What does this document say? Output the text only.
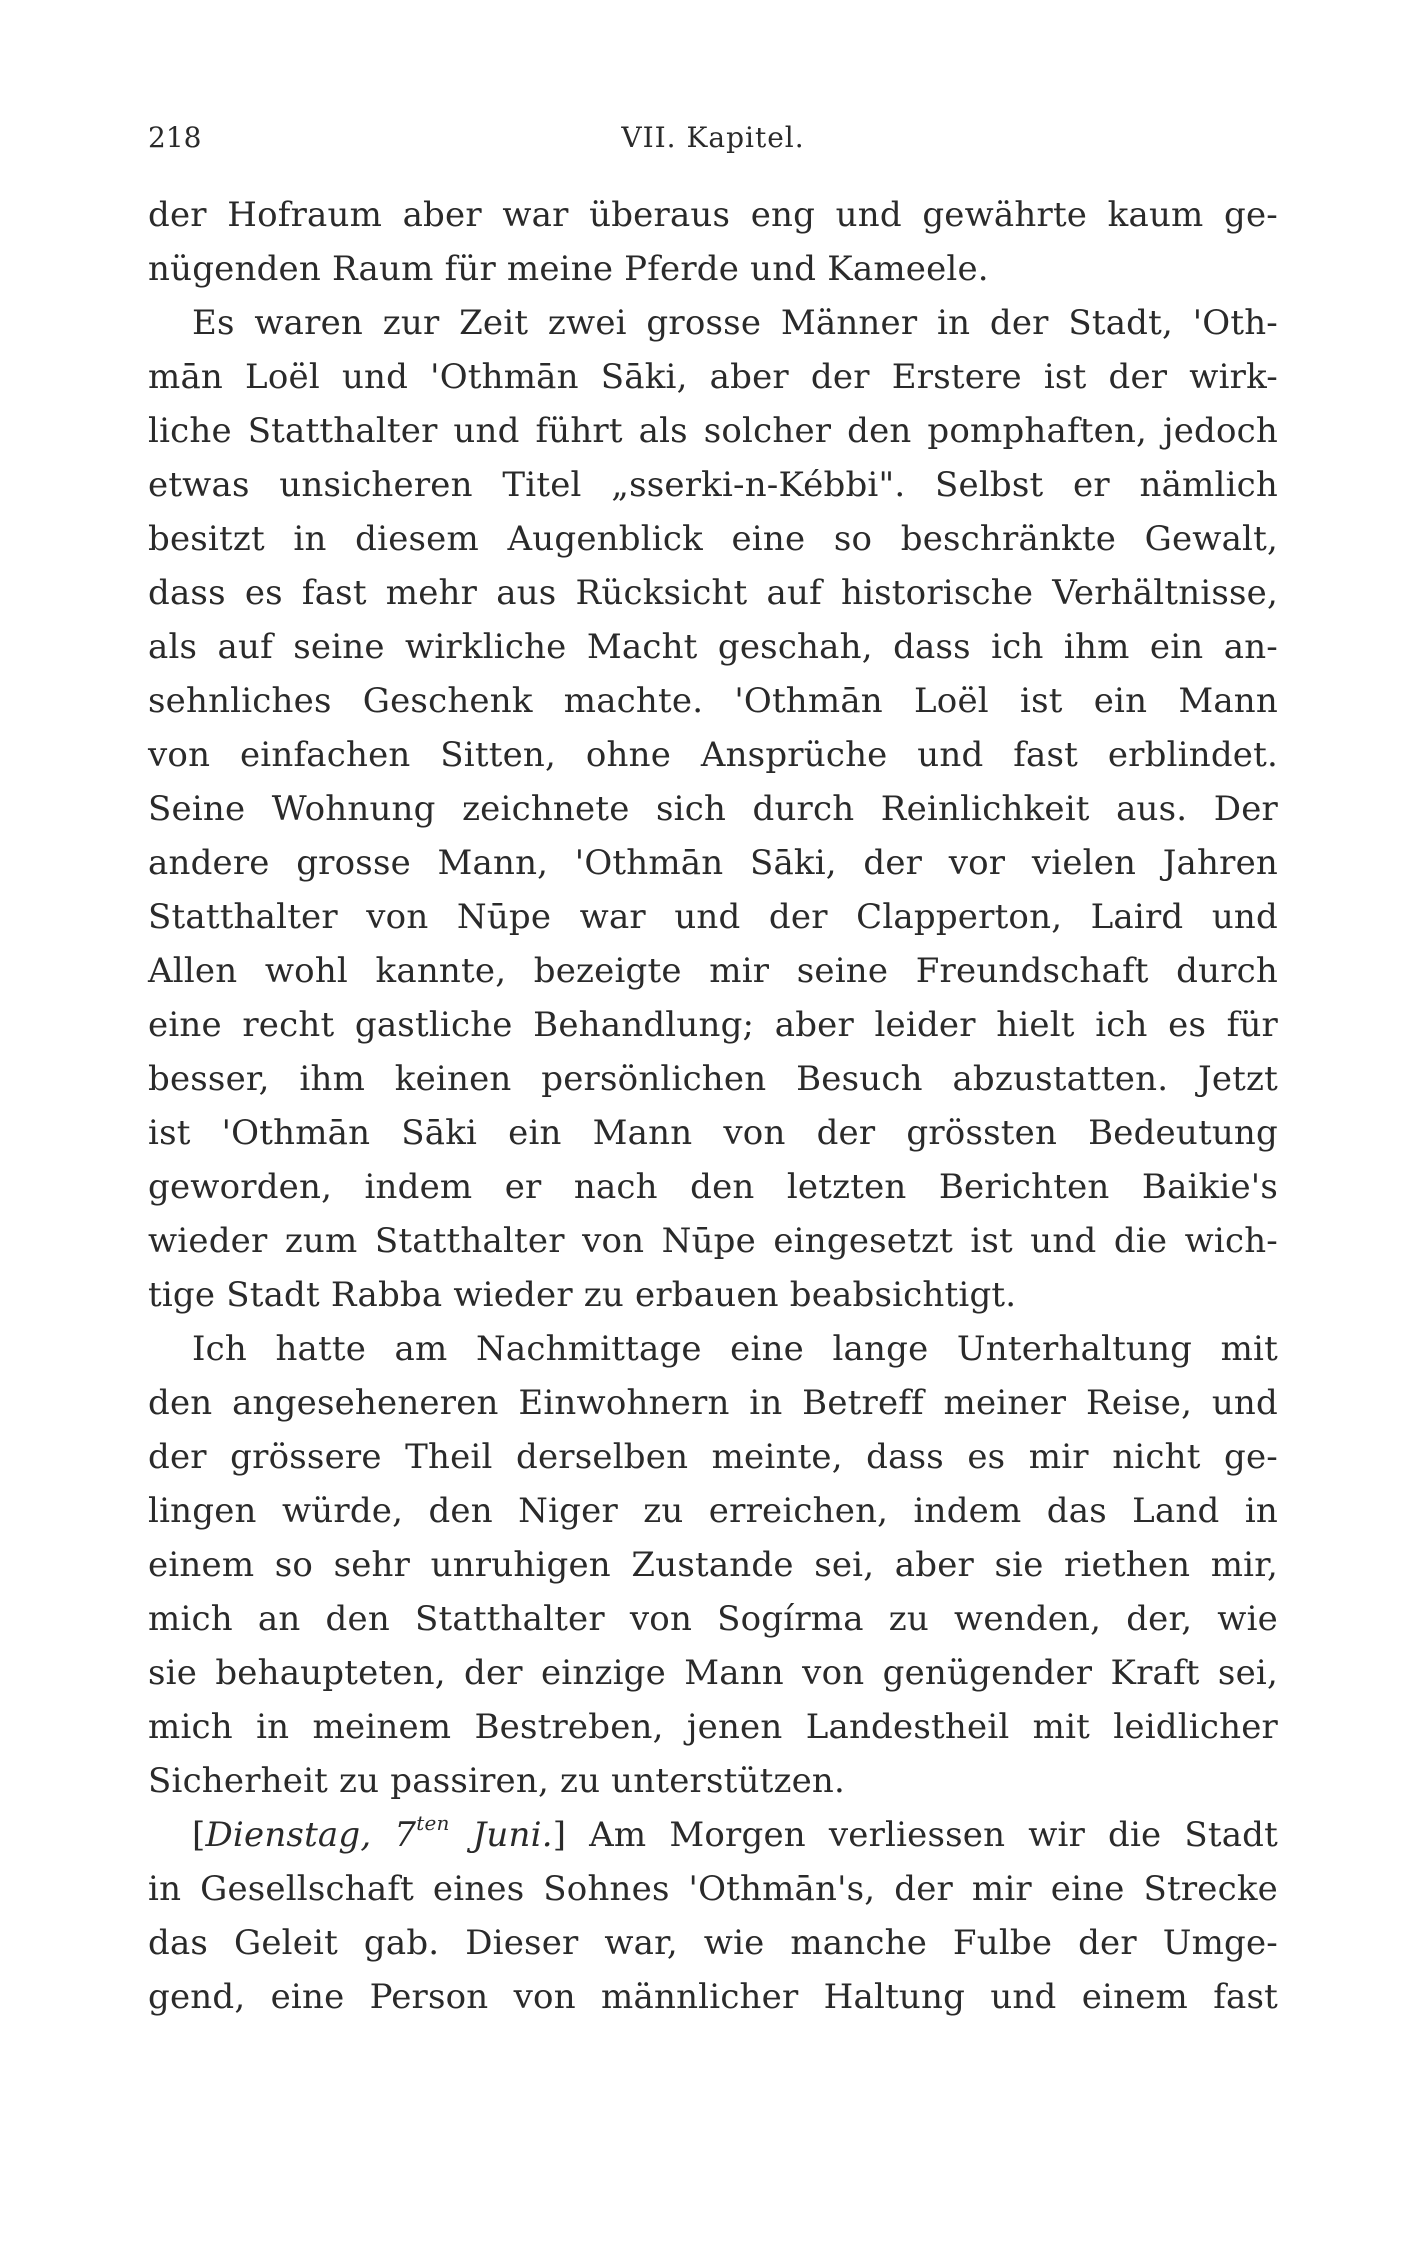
218	VII. Kapitel.
der Hofraum aber war überaus eng und gewährte kaum ge-
nügenden Raum für meine Pferde und Kameele.
Es waren zur Zeit zwei grosse Männer in der Stadt, 'Oth-
mān Loël und 'Othmān Sāki, aber der Erstere ist der wirk-
liche Statthalter und führt als solcher den pomphaften, jedoch
etwas unsicheren Titel „sserki-n-Kébbi". Selbst er nämlich
besitzt in diesem Augenblick eine so beschränkte Gewalt,
dass es fast mehr aus Rücksicht auf historische Verhältnisse,
als auf seine wirkliche Macht geschah, dass ich ihm ein an-
sehnliches Geschenk machte. 'Othmān Loël ist ein Mann
von einfachen Sitten, ohne Ansprüche und fast erblindet.
Seine Wohnung zeichnete sich durch Reinlichkeit aus. Der
andere grosse Mann, 'Othmān Sāki, der vor vielen Jahren
Statthalter von Nūpe war und der Clapperton, Laird und
Allen wohl kannte, bezeigte mir seine Freundschaft durch
eine recht gastliche Behandlung; aber leider hielt ich es für
besser, ihm keinen persönlichen Besuch abzustatten. Jetzt
ist 'Othmān Sāki ein Mann von der grössten Bedeutung
geworden, indem er nach den letzten Berichten Baikie's
wieder zum Statthalter von Nūpe eingesetzt ist und die wich-
tige Stadt Rabba wieder zu erbauen beabsichtigt.
Ich hatte am Nachmittage eine lange Unterhaltung mit
den angeseheneren Einwohnern in Betreff meiner Reise, und
der grössere Theil derselben meinte, dass es mir nicht ge-
lingen würde, den Niger zu erreichen, indem das Land in
einem so sehr unruhigen Zustande sei, aber sie riethen mir,
mich an den Statthalter von Sogírma zu wenden, der, wie
sie behaupteten, der einzige Mann von genügender Kraft sei,
mich in meinem Bestreben, jenen Landestheil mit leidlicher
Sicherheit zu passiren, zu unterstützen.
[Dienstag, $7^{ten}$ Juni.] Am Morgen verliessen wir die Stadt
in Gesellschaft eines Sohnes 'Othmān's, der mir eine Strecke
das Geleit gab. Dieser war, wie manche Fulbe der Umge-
gend, eine Person von männlicher Haltung und einem fast
